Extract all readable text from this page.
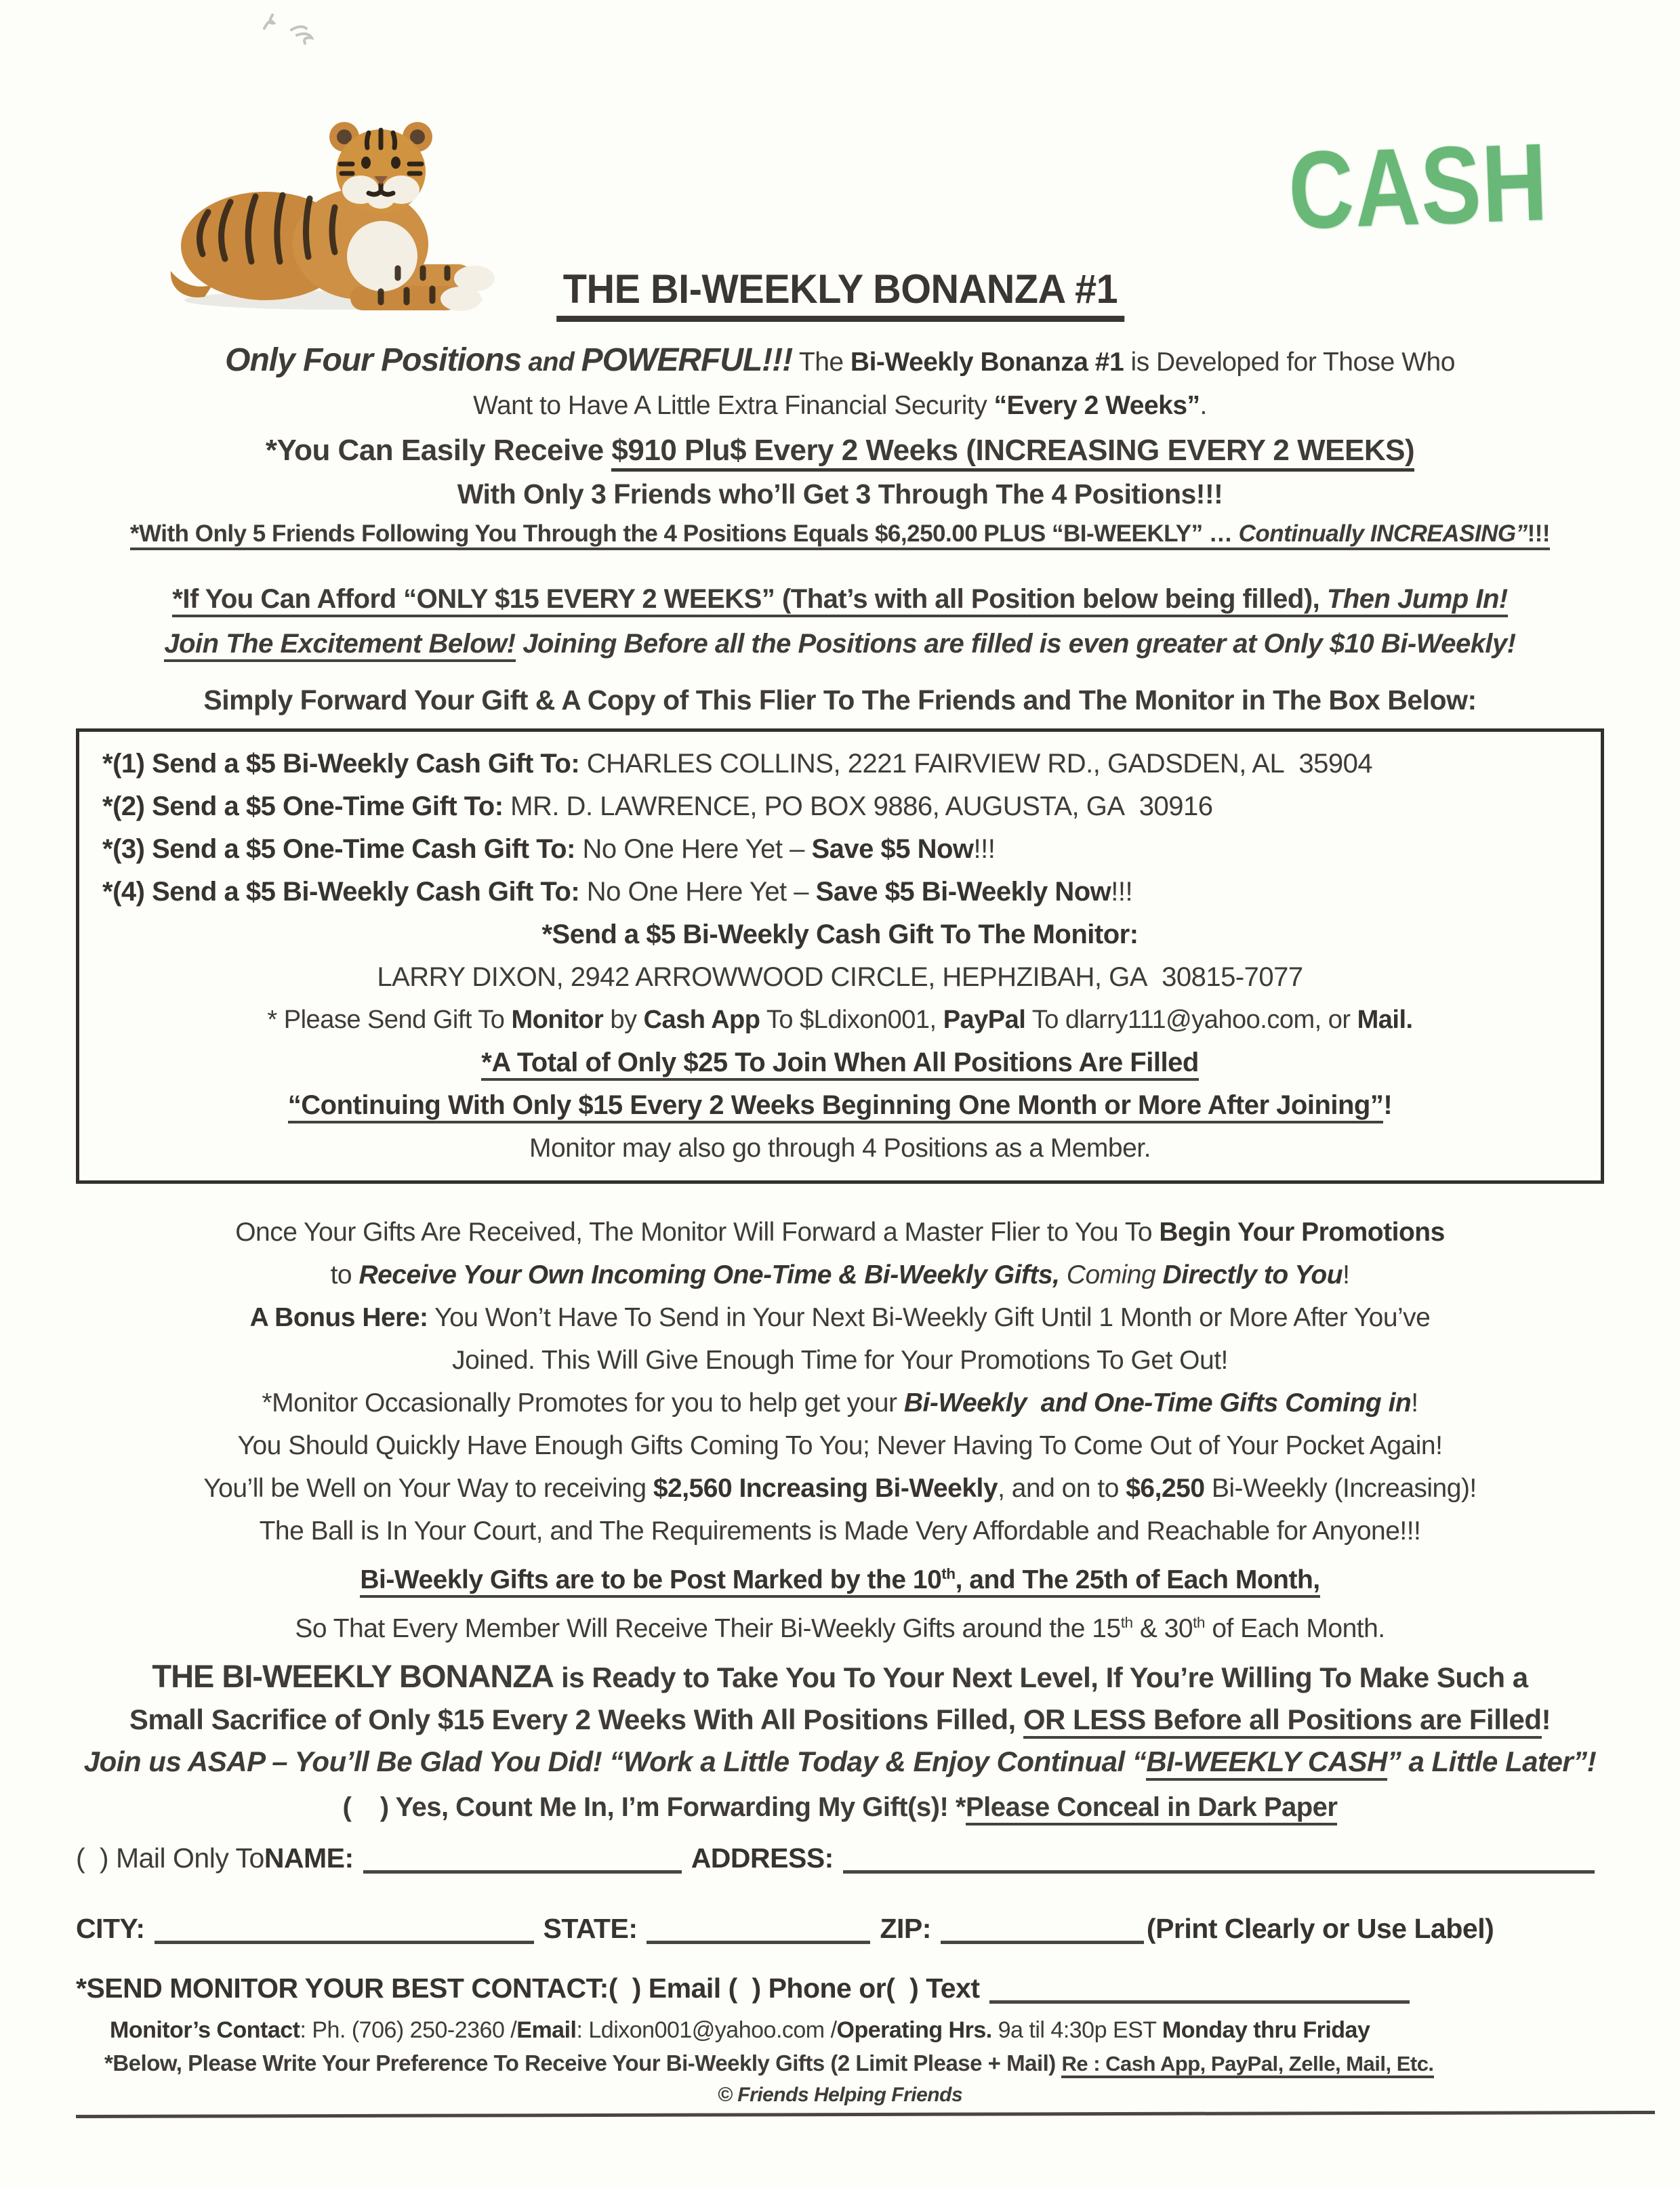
CASH
THE BI-WEEKLY BONANZA #1
Only Four Positions and POWERFUL!!! The Bi-Weekly Bonanza #1 is Developed for Those Who
Want to Have A Little Extra Financial Security “Every 2 Weeks”.
*You Can Easily Receive $910 Plu$ Every 2 Weeks (INCREASING EVERY 2 WEEKS)
With Only 3 Friends who’ll Get 3 Through The 4 Positions!!!
*With Only 5 Friends Following You Through the 4 Positions Equals $6,250.00 PLUS “BI-WEEKLY” … Continually INCREASING”!!!
*If You Can Afford “ONLY $15 EVERY 2 WEEKS” (That’s with all Position below being filled), Then Jump In!
Join The Excitement Below! Joining Before all the Positions are filled is even greater at Only $10 Bi-Weekly!
Simply Forward Your Gift & A Copy of This Flier To The Friends and The Monitor in The Box Below:
*(1) Send a $5 Bi-Weekly Cash Gift To: CHARLES COLLINS, 2221 FAIRVIEW RD., GADSDEN, AL  35904
*(2) Send a $5 One-Time Gift To: MR. D. LAWRENCE, PO BOX 9886, AUGUSTA, GA  30916
*(3) Send a $5 One-Time Cash Gift To: No One Here Yet – Save $5 Now!!!
*(4) Send a $5 Bi-Weekly Cash Gift To: No One Here Yet – Save $5 Bi-Weekly Now!!!
*Send a $5 Bi-Weekly Cash Gift To The Monitor:
LARRY DIXON, 2942 ARROWWOOD CIRCLE, HEPHZIBAH, GA  30815-7077
* Please Send Gift To Monitor by Cash App To $Ldixon001, PayPal To dlarry111@yahoo.com, or Mail.
*A Total of Only $25 To Join When All Positions Are Filled
“Continuing With Only $15 Every 2 Weeks Beginning One Month or More After Joining”!
Monitor may also go through 4 Positions as a Member.
Once Your Gifts Are Received, The Monitor Will Forward a Master Flier to You To Begin Your Promotions
to Receive Your Own Incoming One-Time & Bi-Weekly Gifts, Coming Directly to You!
A Bonus Here: You Won’t Have To Send in Your Next Bi-Weekly Gift Until 1 Month or More After You’ve
Joined. This Will Give Enough Time for Your Promotions To Get Out!
*Monitor Occasionally Promotes for you to help get your Bi-Weekly  and One-Time Gifts Coming in!
You Should Quickly Have Enough Gifts Coming To You; Never Having To Come Out of Your Pocket Again!
You’ll be Well on Your Way to receiving $2,560 Increasing Bi-Weekly, and on to $6,250 Bi-Weekly (Increasing)!
The Ball is In Your Court, and The Requirements is Made Very Affordable and Reachable for Anyone!!!
Bi-Weekly Gifts are to be Post Marked by the 10th, and The 25th of Each Month,
So That Every Member Will Receive Their Bi-Weekly Gifts around the 15th & 30th of Each Month.
THE BI-WEEKLY BONANZA is Ready to Take You To Your Next Level, If You’re Willing To Make Such a
Small Sacrifice of Only $15 Every 2 Weeks With All Positions Filled, OR LESS Before all Positions are Filled!
Join us ASAP – You’ll Be Glad You Did! “Work a Little Today & Enjoy Continual “BI-WEEKLY CASH” a Little Later”!
(    ) Yes, Count Me In, I’m Forwarding My Gift(s)! *Please Conceal in Dark Paper
(  ) Mail Only To NAME:	ADDRESS:
CITY:	STATE:	ZIP:	(Print Clearly or Use Label)
*SEND MONITOR YOUR BEST CONTACT: (  ) Email (  ) Phone or (  ) Text
Monitor’s Contact: Ph. (706) 250-2360 /Email: Ldixon001@yahoo.com /Operating Hrs. 9a til 4:30p EST Monday thru Friday
*Below, Please Write Your Preference To Receive Your Bi-Weekly Gifts (2 Limit Please + Mail) Re : Cash App, PayPal, Zelle, Mail, Etc.
© Friends Helping Friends
